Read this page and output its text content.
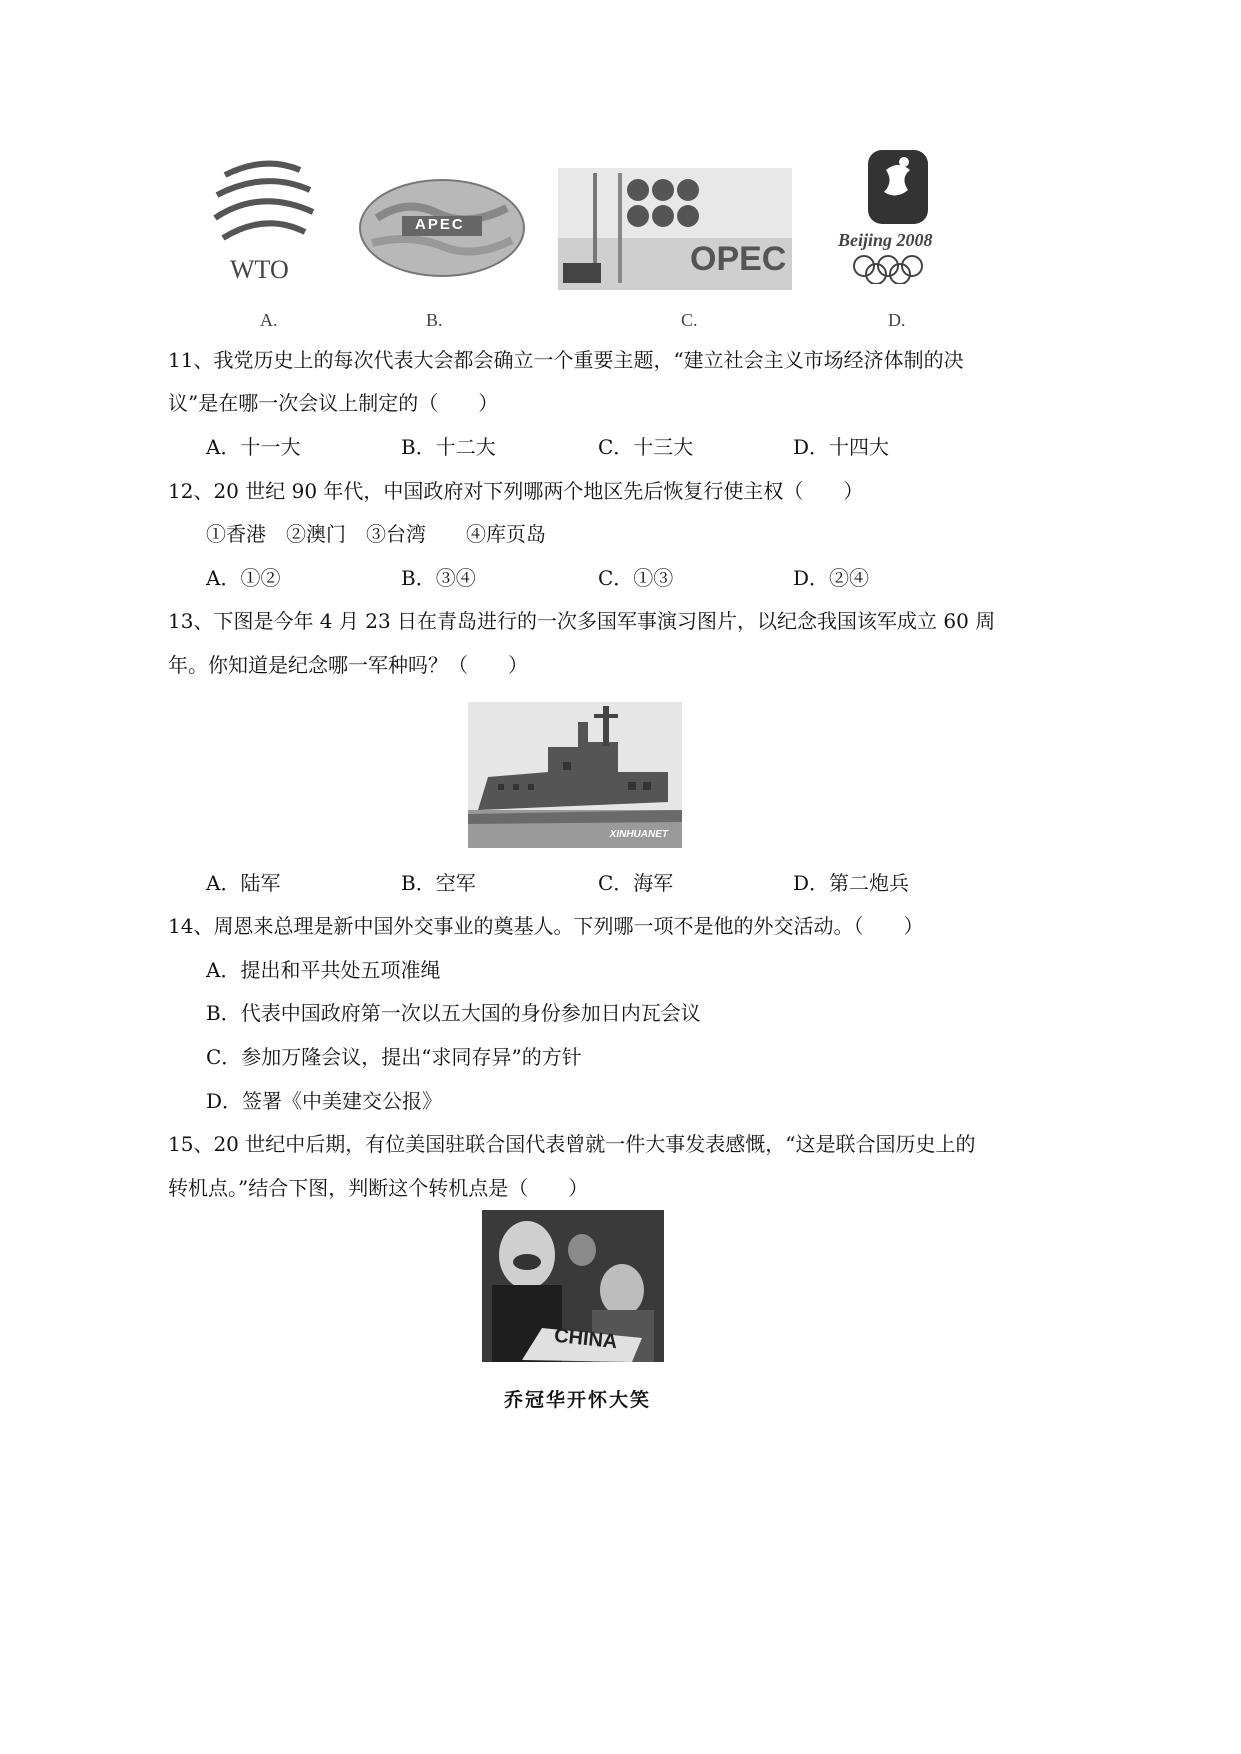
WTO
A.
APEC
B.
OPEC
C.
Beijing 2008
D.
11、我党历史上的每次代表大会都会确立一个重要主题，“建立社会主义市场经济体制的决
议”是在哪一次会议上制定的（　　）
A．十一大	B．十二大	C．十三大	D．十四大
12、20 世纪 90 年代，中国政府对下列哪两个地区先后恢复行使主权（　　）
①香港　②澳门　③台湾　　④库页岛
A．①②	B．③④	C．①③	D．②④
13、下图是今年 4 月 23 日在青岛进行的一次多国军事演习图片，以纪念我国该军成立 60 周
年。你知道是纪念哪一军种吗？（　　）
XINHUANET
A．陆军	B．空军	C．海军	D．第二炮兵
14、周恩来总理是新中国外交事业的奠基人。下列哪一项不是他的外交活动。（　　）
A．提出和平共处五项准绳
B．代表中国政府第一次以五大国的身份参加日内瓦会议
C．参加万隆会议，提出“求同存异”的方针
D．签署《中美建交公报》
15、20 世纪中后期，有位美国驻联合国代表曾就一件大事发表感慨，“这是联合国历史上的
转机点。”结合下图，判断这个转机点是（　　）
CHINA
乔冠华开怀大笑
